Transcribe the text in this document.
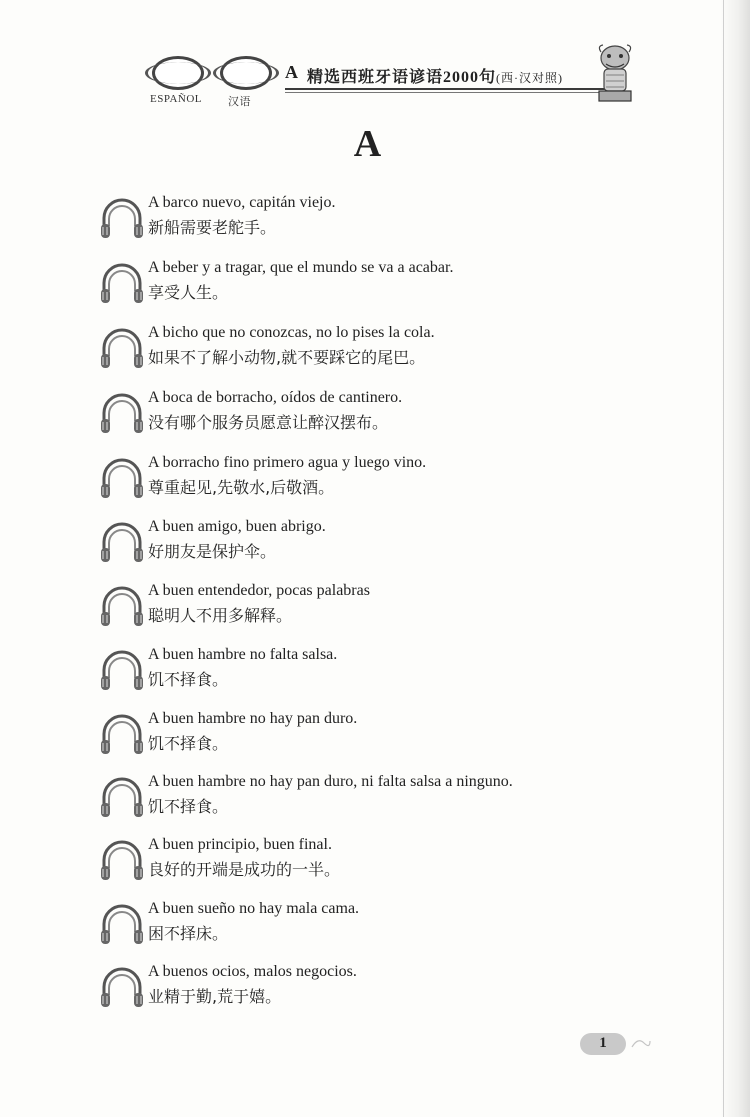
ESPAÑOL 汉语
A 精选西班牙语谚语2000句(西·汉对照)
A
A barco nuevo, capitán viejo.
新船需要老舵手。
A beber y a tragar, que el mundo se va a acabar.
享受人生。
A bicho que no conozcas, no lo pises la cola.
如果不了解小动物,就不要踩它的尾巴。
A boca de borracho, oídos de cantinero.
没有哪个服务员愿意让醉汉摆布。
A borracho fino primero agua y luego vino.
尊重起见,先敬水,后敬酒。
A buen amigo, buen abrigo.
好朋友是保护伞。
A buen entendedor, pocas palabras
聪明人不用多解释。
A buen hambre no falta salsa.
饥不择食。
A buen hambre no hay pan duro.
饥不择食。
A buen hambre no hay pan duro, ni falta salsa a ninguno.
饥不择食。
A buen principio, buen final.
良好的开端是成功的一半。
A buen sueño no hay mala cama.
困不择床。
A buenos ocios, malos negocios.
业精于勤,荒于嬉。
1
